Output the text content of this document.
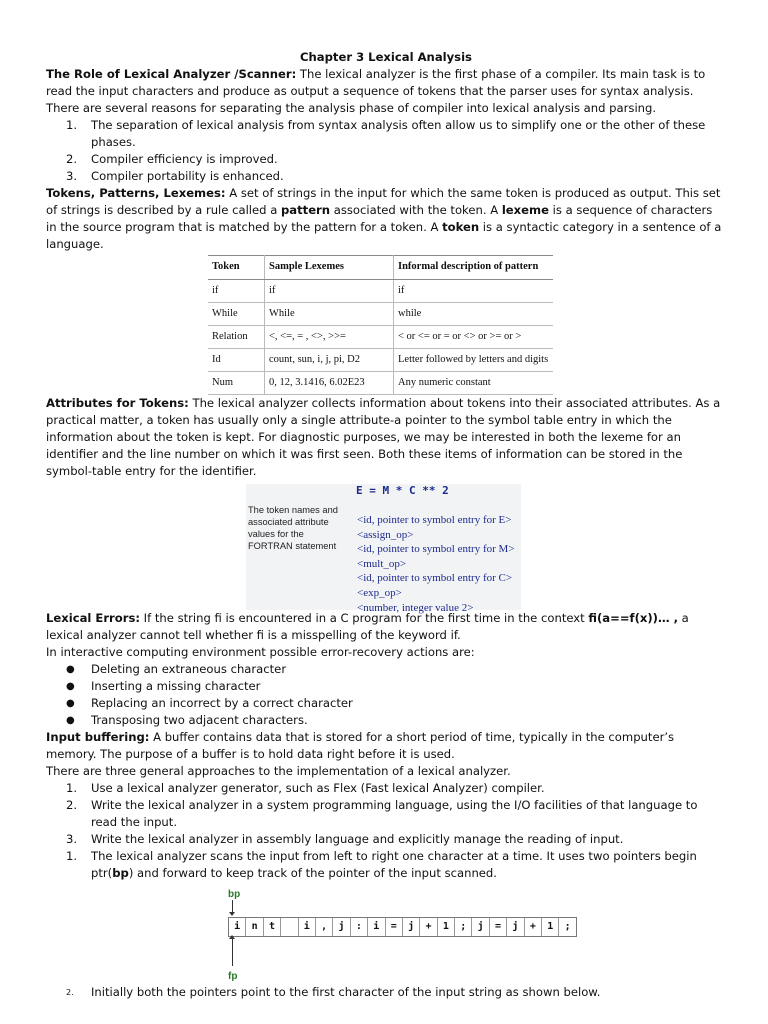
Chapter 3 Lexical Analysis

The Role of Lexical Analyzer /Scanner: The lexical analyzer is the first phase of a compiler. Its main task is to read the input characters and produce as output a sequence of tokens that the parser uses for syntax analysis.

There are several reasons for separating the analysis phase of compiler into lexical analysis and parsing.

1. The separation of lexical analysis from syntax analysis often allow us to simplify one or the other of these phases.
2. Compiler efficiency is improved.
3. Compiler portability is enhanced.

Tokens, Patterns, Lexemes: A set of strings in the input for which the same token is produced as output. This set of strings is described by a rule called a pattern associated with the token. A lexeme is a sequence of characters in the source program that is matched by the pattern for a token. A token is a syntactic category in a sentence of a language.

Token	Sample Lexemes	Informal description of pattern
if	if	if
While	While	while
Relation	<, <=, = , <>, >>=	< or <= or = or <> or >= or >
Id	count, sun, i, j, pi, D2	Letter followed by letters and digits
Num	0, 12, 3.1416, 6.02E23	Any numeric constant

Attributes for Tokens: The lexical analyzer collects information about tokens into their associated attributes. As a practical matter, a token has usually only a single attribute-a pointer to the symbol table entry in which the information about the token is kept. For diagnostic purposes, we may be interested in both the lexeme for an identifier and the line number on which it was first seen. Both these items of information can be stored in the symbol-table entry for the identifier.

The token names and associated attribute values for the FORTRAN statement
E = M * C ** 2
<id, pointer to symbol entry for E>
<assign_op>
<id, pointer to symbol entry for M>
<mult_op>
<id, pointer to symbol entry for C>
<exp_op>
<number, integer value 2>

Lexical Errors: If the string fi is encountered in a C program for the first time in the context fi(a==f(x))… , a lexical analyzer cannot tell whether fi is a misspelling of the keyword if.

In interactive computing environment possible error-recovery actions are:

● Deleting an extraneous character
● Inserting a missing character
● Replacing an incorrect by a correct character
● Transposing two adjacent characters.

Input buffering: A buffer contains data that is stored for a short period of time, typically in the computer’s memory. The purpose of a buffer is to hold data right before it is used.

There are three general approaches to the implementation of a lexical analyzer.

1. Use a lexical analyzer generator, such as Flex (Fast lexical Analyzer) compiler.
2. Write the lexical analyzer in a system programming language, using the I/O facilities of that language to read the input.
3. Write the lexical analyzer in assembly language and explicitly manage the reading of input.
1. The lexical analyzer scans the input from left to right one character at a time. It uses two pointers begin ptr(bp) and forward to keep track of the pointer of the input scanned.
bp
i	n	t	i	,	j	:	i	=	j	+	1	;	j	=	j	+	1	;
fp
2. Initially both the pointers point to the first character of the input string as shown below.
